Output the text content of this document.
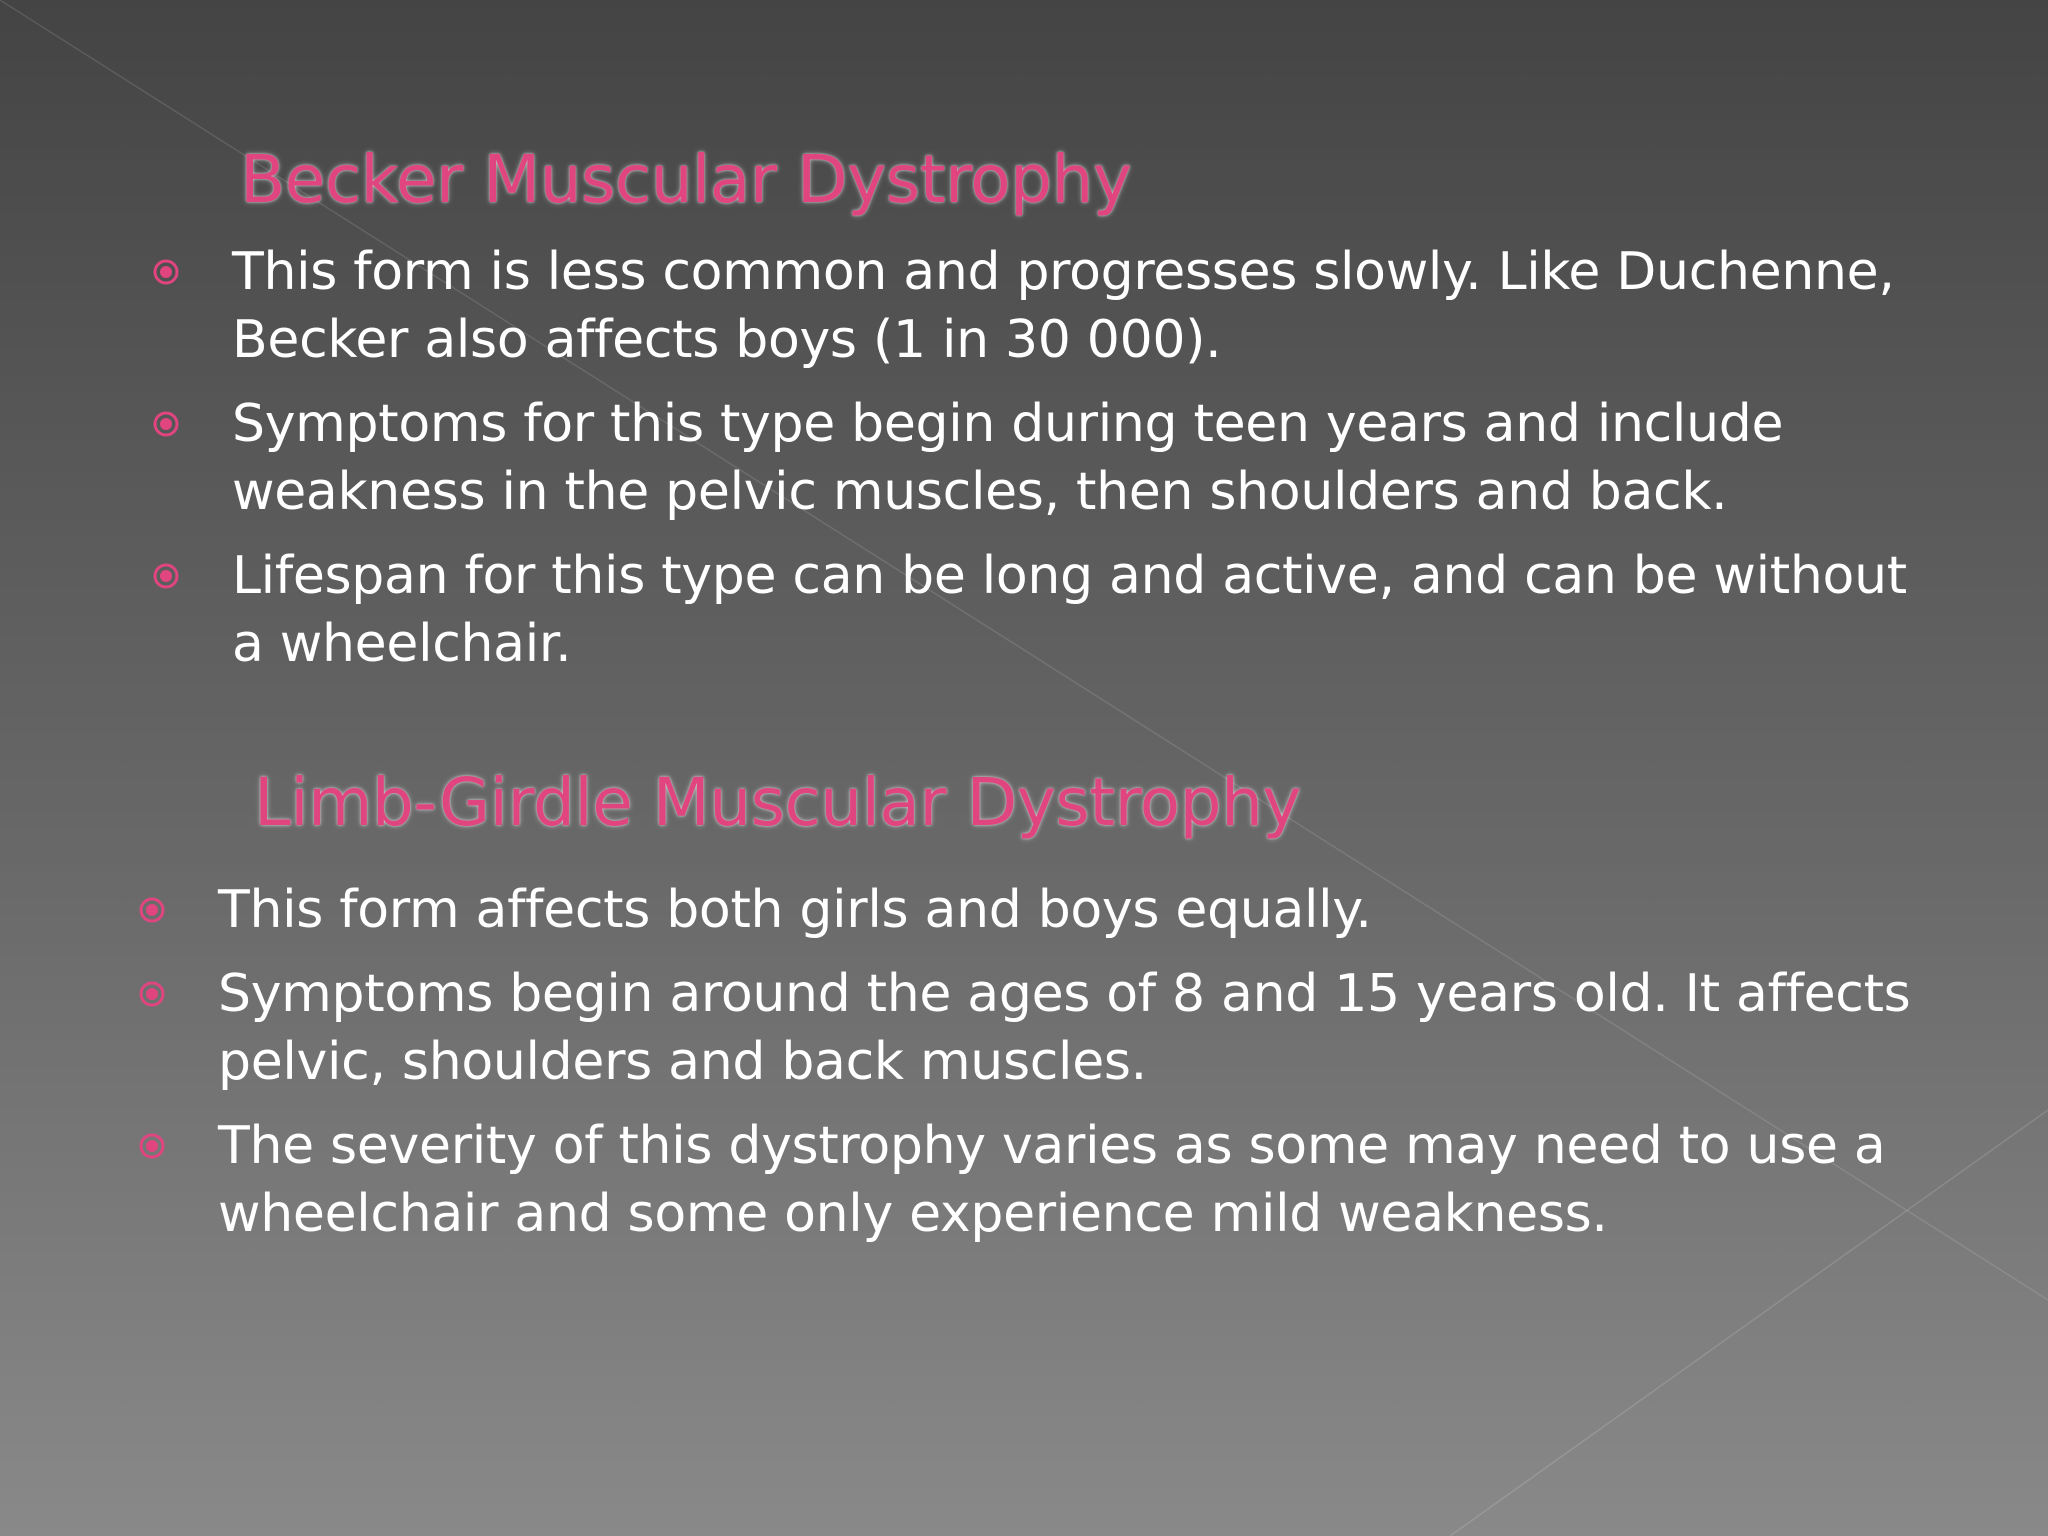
Becker Muscular Dystrophy
This form is less common and progresses slowly. Like Duchenne, Becker also affects boys (1 in 30 000).
Symptoms for this type begin during teen years and include weakness in the pelvic muscles, then shoulders and back.
Lifespan for this type can be long and active, and can be without a wheelchair.
Limb-Girdle Muscular Dystrophy
This form affects both girls and boys equally.
Symptoms begin around the ages of 8 and 15 years old. It affects pelvic, shoulders and back muscles.
The severity of this dystrophy varies as some may need to use a wheelchair and some only experience mild weakness.
